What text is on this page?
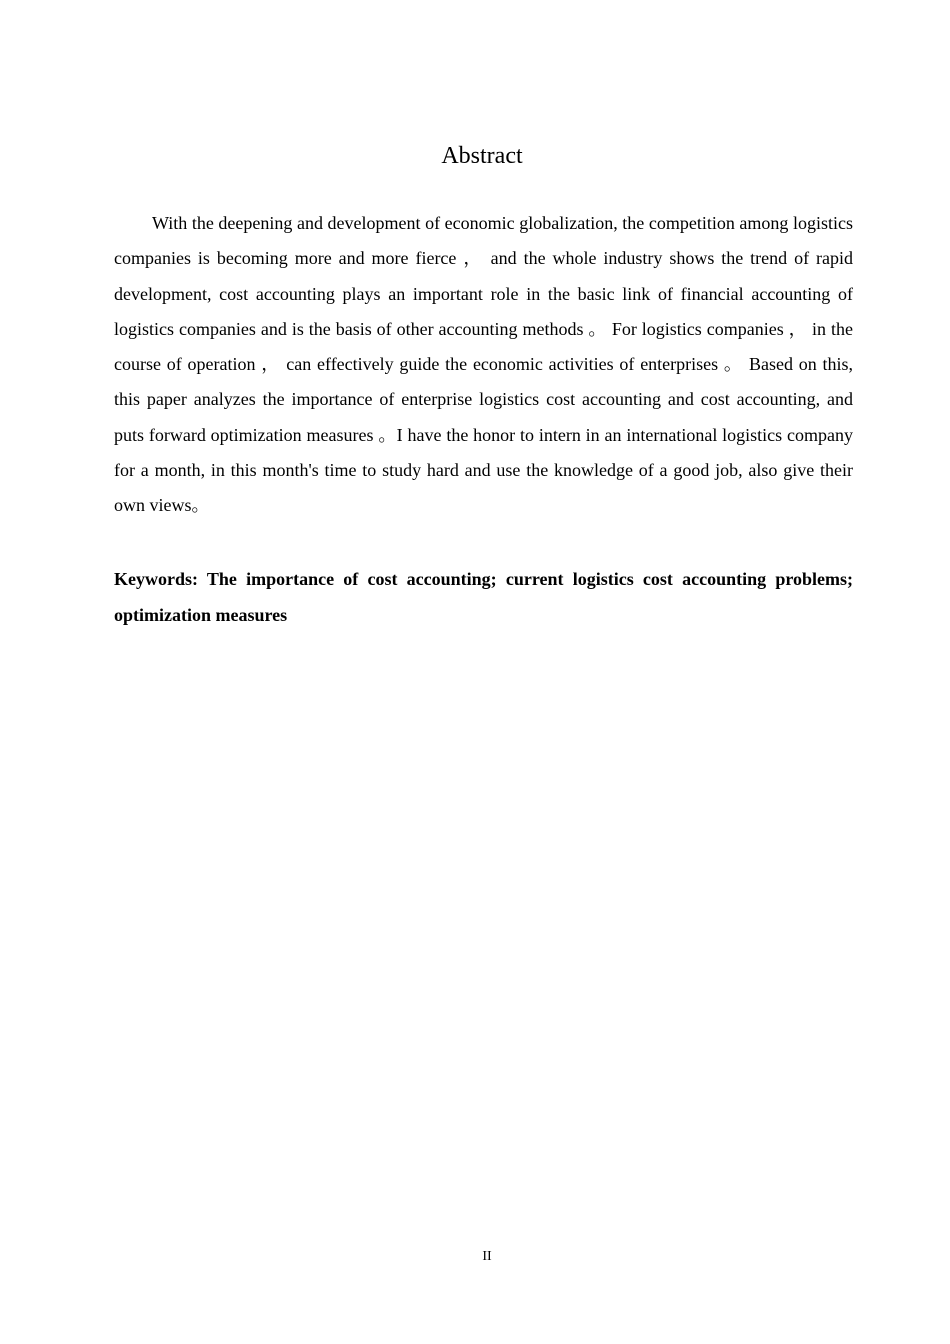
Abstract

With the deepening and development of economic globalization, the competition among logistics companies is becoming more and more fierce ， and the whole industry shows the trend of rapid development, cost accounting plays an important role in the basic link of financial accounting of logistics companies and is the basis of other accounting methods 。 For logistics companies ， in the course of operation ， can effectively guide the economic activities of enterprises 。 Based on this, this paper analyzes the importance of enterprise logistics cost accounting and cost accounting, and puts forward optimization measures 。I have the honor to intern in an international logistics company for a month, in this month's time to study hard and use the knowledge of a good job, also give their own views。

Keywords: The importance of cost accounting; current logistics cost accounting problems; optimization measures

II
